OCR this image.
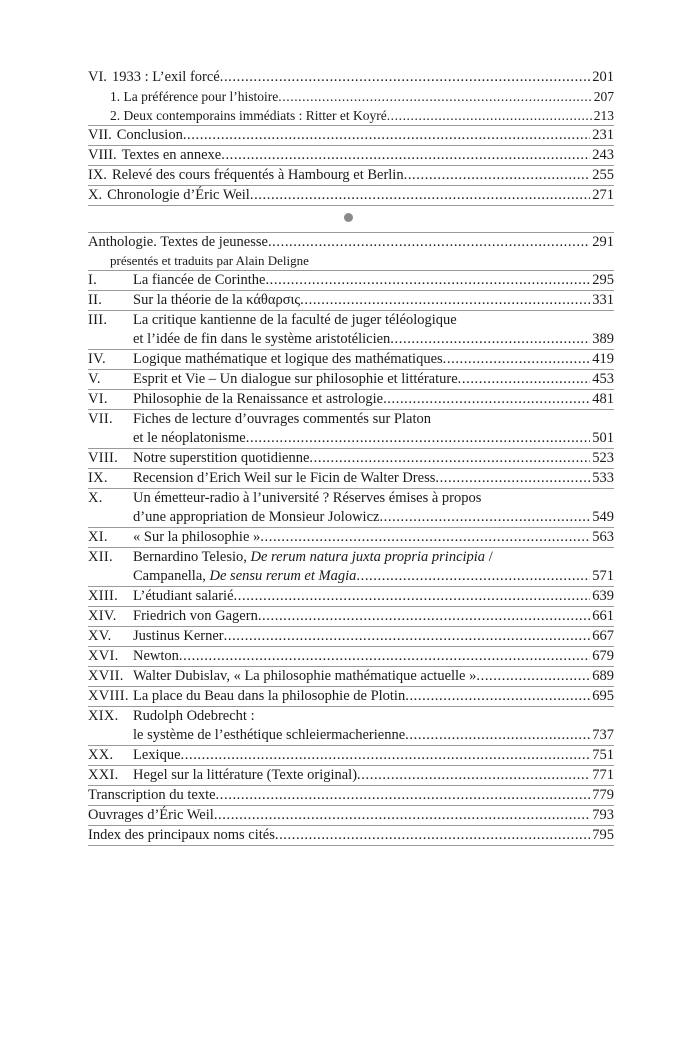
VI. 1933 : L’exil forcé .....	201
1. La préférence pour l’histoire .....	207
2. Deux contemporains immédiats : Ritter et Koyré .....	213
VII. Conclusion .....	231
VIII. Textes en annexe .....	243
IX. Relevé des cours fréquentés à Hambourg et Berlin .....	255
X. Chronologie d’Éric Weil .....	271
Anthologie. Textes de jeunesse .....	291
présentés et traduits par Alain Deligne
I.	La fiancée de Corinthe .....	295
II.	Sur la théorie de la κάθαρσις .....	331
III.	La critique kantienne de la faculté de juger téléologique
et l’idée de fin dans le système aristotélicien .....	389
IV.	Logique mathématique et logique des mathématiques .....	419
V.	Esprit et Vie – Un dialogue sur philosophie et littérature .....	453
VI.	Philosophie de la Renaissance et astrologie .....	481
VII.	Fiches de lecture d’ouvrages commentés sur Platon
et le néoplatonisme .....	501
VIII.	Notre superstition quotidienne .....	523
IX.	Recension d’Erich Weil sur le Ficin de Walter Dress .....	533
X.	Un émetteur-radio à l’université ? Réserves émises à propos
d’une appropriation de Monsieur Jolowicz .....	549
XI.	« Sur la philosophie » .....	563
XII.	Bernardino Telesio, De rerum natura juxta propria principia /
Campanella, De sensu rerum et Magia .....	571
XIII.	L’étudiant salarié .....	639
XIV.	Friedrich von Gagern .....	661
XV.	Justinus Kerner .....	667
XVI. Newton .....	679
XVII. Walter Dubislav, « La philosophie mathématique actuelle » .....	689
XVIII. La place du Beau dans la philosophie de Plotin .....	695
XIX. Rudolph Odebrecht :
le système de l’esthétique schleiermacherienne .....	737
XX.	Lexique .....	751
XXI. Hegel sur la littérature (Texte original) .....	771
Transcription du texte .....	779
Ouvrages d’Éric Weil .....	793
Index des principaux noms cités .....	795
